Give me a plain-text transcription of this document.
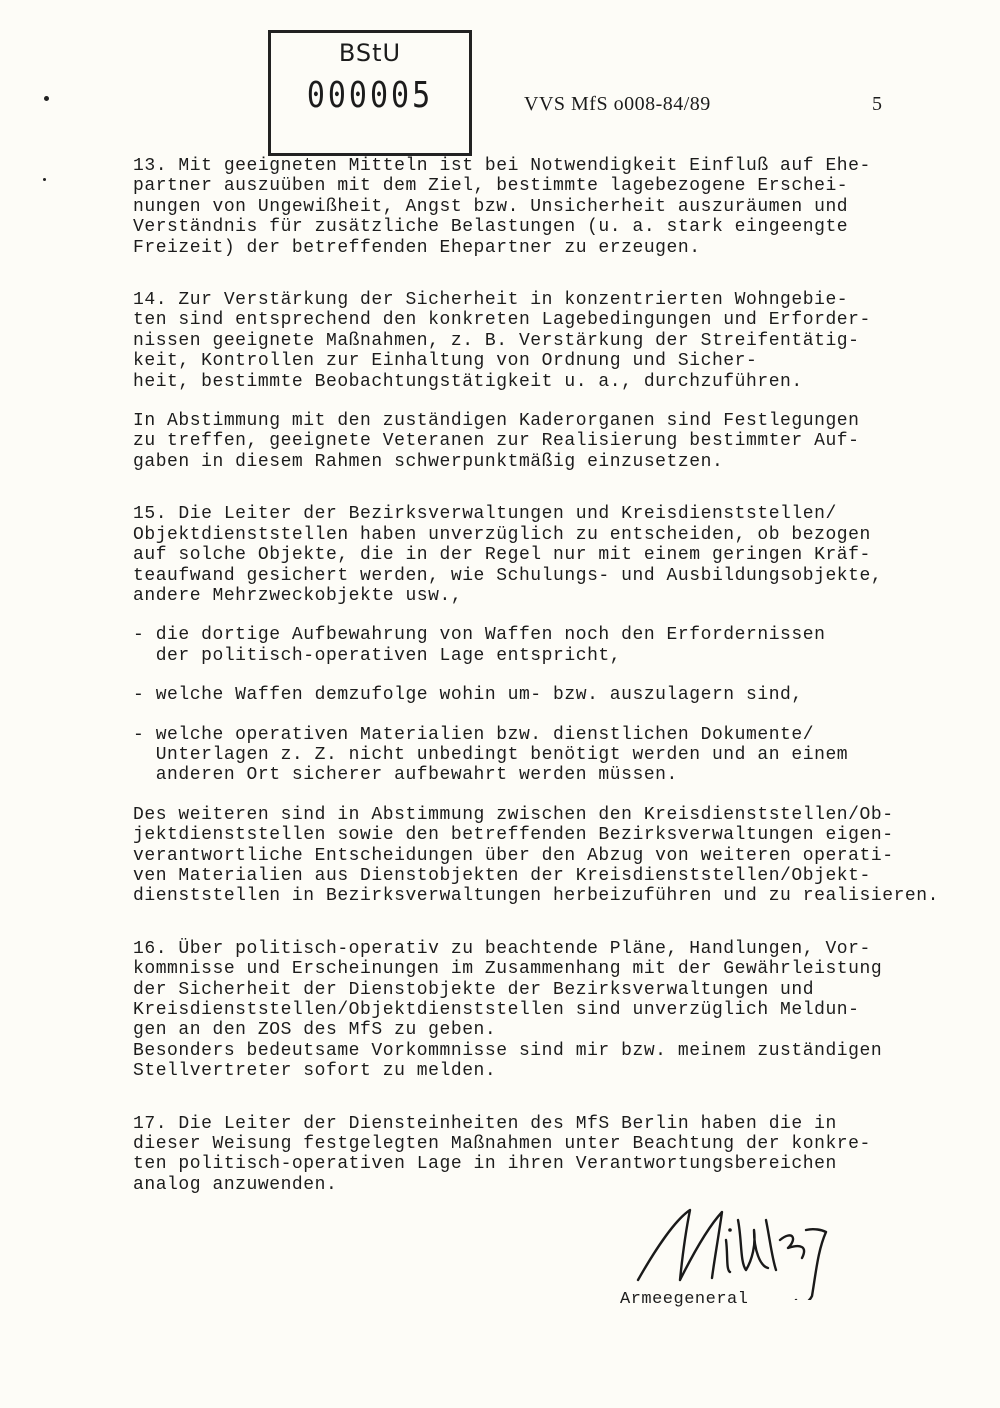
BStU
000005	VVS MfS o008-84/89	5

13. Mit geeigneten Mitteln ist bei Notwendigkeit Einfluß auf Ehe-
partner auszuüben mit dem Ziel, bestimmte lagebezogene Erschei-
nungen von Ungewißheit, Angst bzw. Unsicherheit auszuräumen und
Verständnis für zusätzliche Belastungen (u. a. stark eingeengte
Freizeit) der betreffenden Ehepartner zu erzeugen.

14. Zur Verstärkung der Sicherheit in konzentrierten Wohngebie-
ten sind entsprechend den konkreten Lagebedingungen und Erforder-
nissen geeignete Maßnahmen, z. B. Verstärkung der Streifentätig-
keit, Kontrollen zur Einhaltung von Ordnung und Sicher-
heit, bestimmte Beobachtungstätigkeit u. a., durchzuführen.

In Abstimmung mit den zuständigen Kaderorganen sind Festlegungen
zu treffen, geeignete Veteranen zur Realisierung bestimmter Auf-
gaben in diesem Rahmen schwerpunktmäßig einzusetzen.

15. Die Leiter der Bezirksverwaltungen und Kreisdienststellen/
Objektdienststellen haben unverzüglich zu entscheiden, ob bezogen
auf solche Objekte, die in der Regel nur mit einem geringen Kräf-
teaufwand gesichert werden, wie Schulungs- und Ausbildungsobjekte,
andere Mehrzweckobjekte usw.,

- die dortige Aufbewahrung von Waffen noch den Erfordernissen
der politisch-operativen Lage entspricht,

- welche Waffen demzufolge wohin um- bzw. auszulagern sind,

- welche operativen Materialien bzw. dienstlichen Dokumente/
Unterlagen z. Z. nicht unbedingt benötigt werden und an einem
anderen Ort sicherer aufbewahrt werden müssen.

Des weiteren sind in Abstimmung zwischen den Kreisdienststellen/Ob-
jektdienststellen sowie den betreffenden Bezirksverwaltungen eigen-
verantwortliche Entscheidungen über den Abzug von weiteren operati-
ven Materialien aus Dienstobjekten der Kreisdienststellen/Objekt-
dienststellen in Bezirksverwaltungen herbeizuführen und zu realisieren.

16. Über politisch-operativ zu beachtende Pläne, Handlungen, Vor-
kommnisse und Erscheinungen im Zusammenhang mit der Gewährleistung
der Sicherheit der Dienstobjekte der Bezirksverwaltungen und
Kreisdienststellen/Objektdienststellen sind unverzüglich Meldun-
gen an den ZOS des MfS zu geben.
Besonders bedeutsame Vorkommnisse sind mir bzw. meinem zuständigen
Stellvertreter sofort zu melden.

17. Die Leiter der Diensteinheiten des MfS Berlin haben die in
dieser Weisung festgelegten Maßnahmen unter Beachtung der konkre-
ten politisch-operativen Lage in ihren Verantwortungsbereichen
analog anzuwenden.

Armeegeneral
